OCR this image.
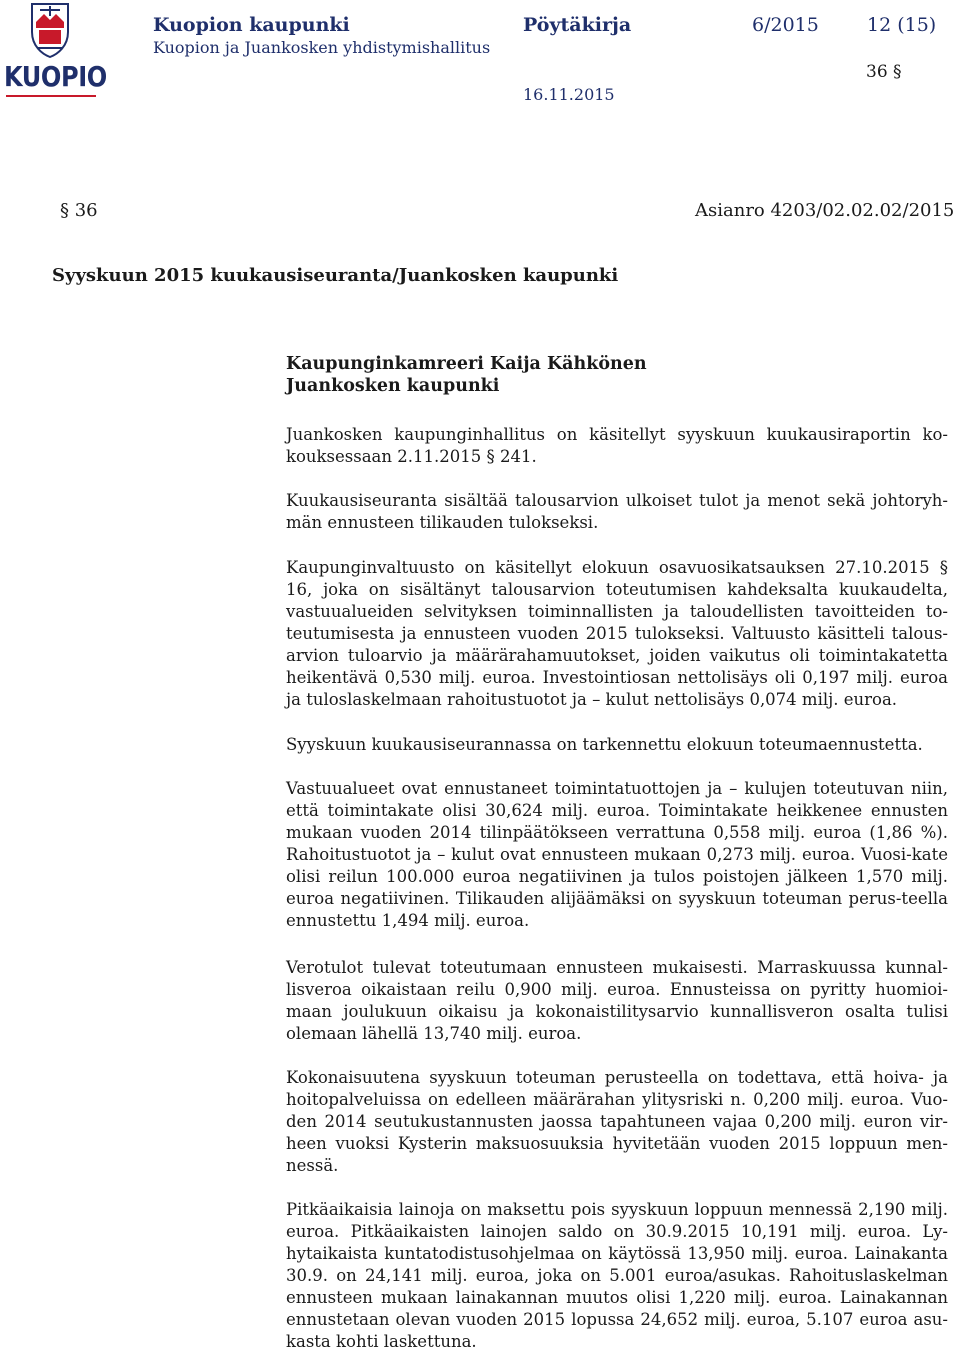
KUOPIO
Kuopion kaupunki
Kuopion ja Juankosken yhdistymishallitus
Pöytäkirja	6/2015	12 (15)
36 §
16.11.2015
§ 36	Asianro 4203/02.02.02/2015
Syyskuun 2015 kuukausiseuranta/Juankosken kaupunki
Kaupunginkamreeri Kaija Kähkönen
Juankosken kaupunki

Juankosken kaupunginhallitus on käsitellyt syyskuun kuukausiraportin ko-kouksessaan 2.11.2015 § 241.

Kuukausiseuranta sisältää talousarvion ulkoiset tulot ja menot sekä johtoryh-män ennusteen tilikauden tulokseksi.

Kaupunginvaltuusto on käsitellyt elokuun osavuosikatsauksen 27.10.2015 § 16, joka on sisältänyt talousarvion toteutumisen kahdeksalta kuukaudelta, vastuualueiden selvityksen toiminnallisten ja taloudellisten tavoitteiden to-teutumisesta ja ennusteen vuoden 2015 tulokseksi. Valtuusto käsitteli talous-arvion tuloarvio ja määrärahamuutokset, joiden vaikutus oli toimintakatetta heikentävä 0,530 milj. euroa. Investointiosan nettolisäys oli 0,197 milj. euroa ja tuloslaskelmaan rahoitustuotot ja – kulut nettolisäys 0,074 milj. euroa.

Syyskuun kuukausiseurannassa on tarkennettu elokuun toteumaennustetta.

Vastuualueet ovat ennustaneet toimintatuottojen ja – kulujen toteutuvan niin, että toimintakate olisi 30,624 milj. euroa. Toimintakate heikkenee ennusten mukaan vuoden 2014 tilinpäätökseen verrattuna 0,558 milj. euroa (1,86 %). Rahoitustuotot ja – kulut ovat ennusteen mukaan 0,273 milj. euroa. Vuosi-kate olisi reilun 100.000 euroa negatiivinen ja tulos poistojen jälkeen 1,570 milj. euroa negatiivinen. Tilikauden alijäämäksi on syyskuun toteuman perus-teella ennustettu 1,494 milj. euroa.

Verotulot tulevat toteutumaan ennusteen mukaisesti. Marraskuussa kunnal-lisveroa oikaistaan reilu 0,900 milj. euroa. Ennusteissa on pyritty huomioi-maan joulukuun oikaisu ja kokonaistilitysarvio kunnallisveron osalta tulisi olemaan lähellä 13,740 milj. euroa.

Kokonaisuutena syyskuun toteuman perusteella on todettava, että hoiva- ja hoitopalveluissa on edelleen määrärahan ylitysriski n. 0,200 milj. euroa. Vuo-den 2014 seutukustannusten jaossa tapahtuneen vajaa 0,200 milj. euron vir-heen vuoksi Kysterin maksuosuuksia hyvitetään vuoden 2015 loppuun men-nessä.

Pitkäaikaisia lainoja on maksettu pois syyskuun loppuun mennessä 2,190 milj. euroa. Pitkäaikaisten lainojen saldo on 30.9.2015 10,191 milj. euroa. Ly-hytaikaista kuntatodistusohjelmaa on käytössä 13,950 milj. euroa. Lainakanta 30.9. on 24,141 milj. euroa, joka on 5.001 euroa/asukas. Rahoituslaskelman ennusteen mukaan lainakannan muutos olisi 1,220 milj. euroa. Lainakannan ennustetaan olevan vuoden 2015 lopussa 24,652 milj. euroa, 5.107 euroa asu-kasta kohti laskettuna.
